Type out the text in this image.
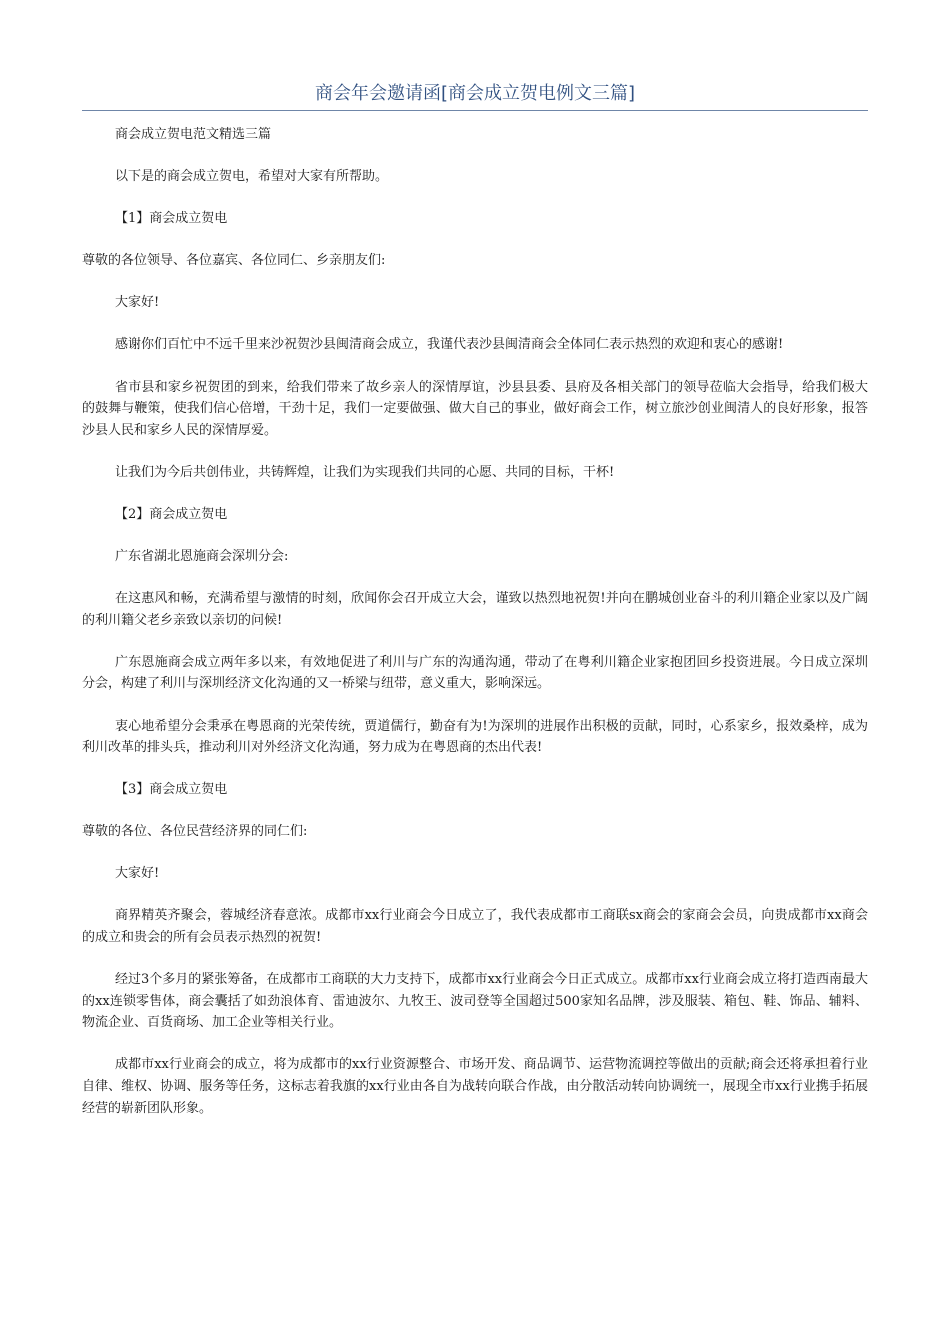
商会年会邀请函[商会成立贺电例文三篇]

商会成立贺电范文精选三篇

以下是的商会成立贺电，希望对大家有所帮助。

【1】商会成立贺电

尊敬的各位领导、各位嘉宾、各位同仁、乡亲朋友们:

大家好!

感谢你们百忙中不远千里来沙祝贺沙县闽清商会成立，我谨代表沙县闽清商会全体同仁表示热烈的欢迎和衷心的感谢!

省市县和家乡祝贺团的到来，给我们带来了故乡亲人的深情厚谊，沙县县委、县府及各相关部门的领导莅临大会指导，给我们极大的鼓舞与鞭策，使我们信心倍增，干劲十足，我们一定要做强、做大自己的事业，做好商会工作，树立旅沙创业闽清人的良好形象，报答沙县人民和家乡人民的深情厚爱。

让我们为今后共创伟业，共铸辉煌，让我们为实现我们共同的心愿、共同的目标，干杯!

【2】商会成立贺电

广东省湖北恩施商会深圳分会:

在这惠风和畅，充满希望与激情的时刻，欣闻你会召开成立大会，谨致以热烈地祝贺!并向在鹏城创业奋斗的利川籍企业家以及广阔的利川籍父老乡亲致以亲切的问候!

广东恩施商会成立两年多以来，有效地促进了利川与广东的沟通沟通，带动了在粤利川籍企业家抱团回乡投资进展。今日成立深圳分会，构建了利川与深圳经济文化沟通的又一桥梁与纽带，意义重大，影响深远。

衷心地希望分会秉承在粤恩商的光荣传统，贾道儒行，勤奋有为!为深圳的进展作出积极的贡献，同时，心系家乡，报效桑梓，成为利川改革的排头兵，推动利川对外经济文化沟通，努力成为在粤恩商的杰出代表!

【3】商会成立贺电

尊敬的各位、各位民营经济界的同仁们:

大家好!

商界精英齐聚会，蓉城经济春意浓。成都市xx行业商会今日成立了，我代表成都市工商联sx商会的家商会会员，向贵成都市xx商会的成立和贵会的所有会员表示热烈的祝贺!

经过3个多月的紧张筹备，在成都市工商联的大力支持下，成都市xx行业商会今日正式成立。成都市xx行业商会成立将打造西南最大的xx连锁零售体，商会囊括了如劲浪体育、雷迪波尔、九牧王、波司登等全国超过500家知名品牌，涉及服装、箱包、鞋、饰品、辅料、物流企业、百货商场、加工企业等相关行业。

成都市xx行业商会的成立，将为成都市的xx行业资源整合、市场开发、商品调节、运营物流调控等做出的贡献;商会还将承担着行业自律、维权、协调、服务等任务，这标志着我旗的xx行业由各自为战转向联合作战，由分散活动转向协调统一，展现全市xx行业携手拓展经营的崭新团队形象。
